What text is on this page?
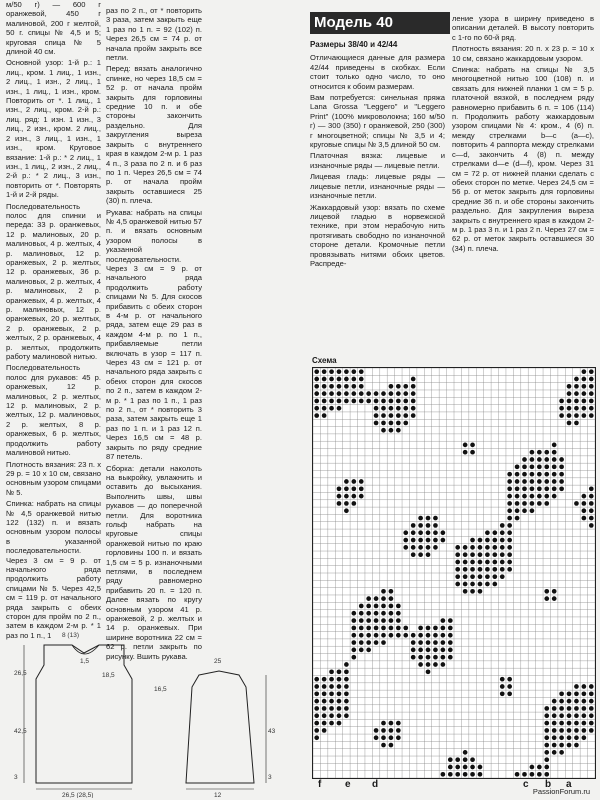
м/50 г) — 600 г оранжевой, 450 г малиновой, 200 г желтой, 50 г. спицы № 4,5 и 5; круговая спица № 5 длиной 40 см.

Основной узор: 1-й р.: 1 лиц., кром. 1 лиц., 1 изн., 2 лиц., 1 изн., 2 лиц., 1 изн., 1 лиц., 1 изн., кром. Повторить от *. 1 лиц., 1 изн., 2 лиц., кром. 2-й р.: лиц. ряд: 1 изн. 1 изн., 3 лиц., 2 изн., кром. 2 лиц., 2 изн., 3 лиц., 1 изн., 1 изн., кром. Круговое вязание: 1-й р.: * 2 лиц., 1 изн., 1 лиц., 2 изн., 2 лиц., 2-й р.: * 2 лиц., 3 изн., повторить от *. Повторять 1-й и 2-й ряды.

Последовательность полос для спинки и переда: 33 р. оранжевых, 12 р. малиновых, 20 р. малиновых, 4 р. желтых, 4 р. малиновых, 12 р. оранжевых, 2 р. желтых, 12 р. оранжевых, 36 р. малиновых, 2 р. желтых, 4 р. малиновых, 2 р. оранжевых, 4 р. желтых, 4 р. малиновых, 12 р. оранжевых, 20 р. желтых, 2 р. оранжевых, 2 р. желтых, 2 р. оранжевых, 4 р. желтых, продолжить работу малиновой нитью.

Последовательность полос для рукавов: 45 р. оранжевых, 12 р. малиновых, 2 р. желтых, 12 р. малиновых, 2 р. желтых, 12 р. малиновых, 2 р. желтых, 8 р. оранжевых, 6 р. желтых, продолжить работу малиновой нитью.

Плотность вязания: 23 п. х 29 р. = 10 х 10 см, связано основным узором спицами № 5.

Спинка: набрать на спицы № 4,5 оранжевой нитью 122 (132) п. и вязать основным узором полосы в указанной последовательности. Через 3 см = 9 р. от начального ряда продолжить работу спицами № 5. Через 42,5 см = 119 р. от начального ряда закрыть с обеих сторон для пройм по 2 п., затем в каждом 2-м р. * 1 раз по 1 п., 1

раз по 2 п., от * повторить 3 раза, затем закрыть еще 1 раз по 1 п. = 92 (102) п. Через 26,5 см = 74 р. от начала пройм закрыть все петли.

Перед: вязать аналогично спинке, но через 18,5 см = 52 р. от начала пройм закрыть для горловины средние 10 п. и обе стороны закончить раздельно. Для закругления выреза закрыть с внутреннего края в каждом 2-м р. 1 раз 4 п., 3 раза по 2 п. и 6 раз по 1 п. Через 26,5 см = 74 р. от начала пройм закрыть оставшиеся 25 (30) п. плеча.

Рукава: набрать на спицы № 4,5 оранжевой нитью 57 п. и вязать основным узором полосы в указанной последовательности. Через 3 см = 9 р. от начального ряда продолжить работу спицами № 5. Для скосов прибавить с обеих сторон в 4-м р. от начального ряда, затем еще 29 раз в каждом 4-м р. по 1 п., прибавляемые петли включать в узор = 117 п. Через 43 см = 121 р. от начального ряда закрыть с обеих сторон для скосов по 2 п., затем в каждом 2-м р. * 1 раз по 1 п., 1 раз по 2 п., от * повторить 3 раза, затем закрыть еще 1 раз по 1 п. и 1 раз 12 п. Через 16,5 см = 48 р. закрыть по ряду средние 87 петель.

Сборка: детали наколоть на выкройку, увлажнить и оставить до высыхания. Выполнить швы, швы рукавов — до поперечной петли. Для воротника гольф набрать на круговые спицы оранжевой нитью по краю горловины 100 п. и вязать 1,5 см = 5 р. изнаночными петлями, в последнем ряду равномерно прибавить 20 п. = 120 п. Далее вязать по кругу основным узором 41 р. оранжевой, 2 р. желтых и 14 р. оранжевых. При ширине воротника 22 см = 62 р. петли закрыть по рисунку. Вшить рукава.

Модель 40
Размеры 38/40 и 42/44

Отличающиеся данные для размера 42/44 приведены в скобках. Если стоит только одно число, то оно относится к обоим размерам.

Вам потребуется: синельная пряжа Lana Grossa "Leggero" и "Leggero Print" (100% микроволокна; 160 м/50 г) — 300 (350) г оранжевой, 250 (300) г многоцветной; спицы № 3,5 и 4; круговые спицы № 3,5 длиной 50 см.

Платочная вязка: лицевые и изнаночные ряды — лицевые петли.

Лицевая гладь: лицевые ряды — лицевые петли, изнаночные ряды — изнаночные петли.

Жаккардовый узор: вязать по схеме лицевой гладью в норвежской технике, при этом нерабочую нить протягивать свободно по изнаночной стороне детали. Кромочные петли провязывать нитями обоих цветов. Распреде-

ление узора в ширину приведено в описании деталей. В высоту повторить с 1-го по 60-й ряд.

Плотность вязания: 20 п. х 23 р. = 10 х 10 см, связано жаккардовым узором.

Спинка: набрать на спицы № 3,5 многоцветной нитью 100 (108) п. и связать для нижней планки 1 см = 5 р. платочной вязкой, в последнем ряду равномерно прибавить 6 п. = 106 (114) п. Продолжить работу жаккардовым узором спицами № 4: кром., 4 (6) п. между стрелками b—c (a—c), повторить 4 раппорта между стрелками c—d, закончить 4 (8) п. между стрелками d—e (d—f), кром. Через 31 см = 72 р. от нижней планки сделать с обеих сторон по метке. Через 24,5 см = 56 р. от меток закрыть для горловины средние 36 п. и обе стороны закончить раздельно. Для закругления выреза закрыть с внутреннего края в каждом 2-м р. 1 раз 3 п. и 1 раз 2 п. Через 27 см = 62 р. от меток закрыть оставшиеся 30 (34) п. плеча.

Схема
f e d	c b a
8 (13)
1,5
18,5
26,5
42,5
3
26,5 (28,5)
16,5
43
3
25
12	PassionForum.ru
